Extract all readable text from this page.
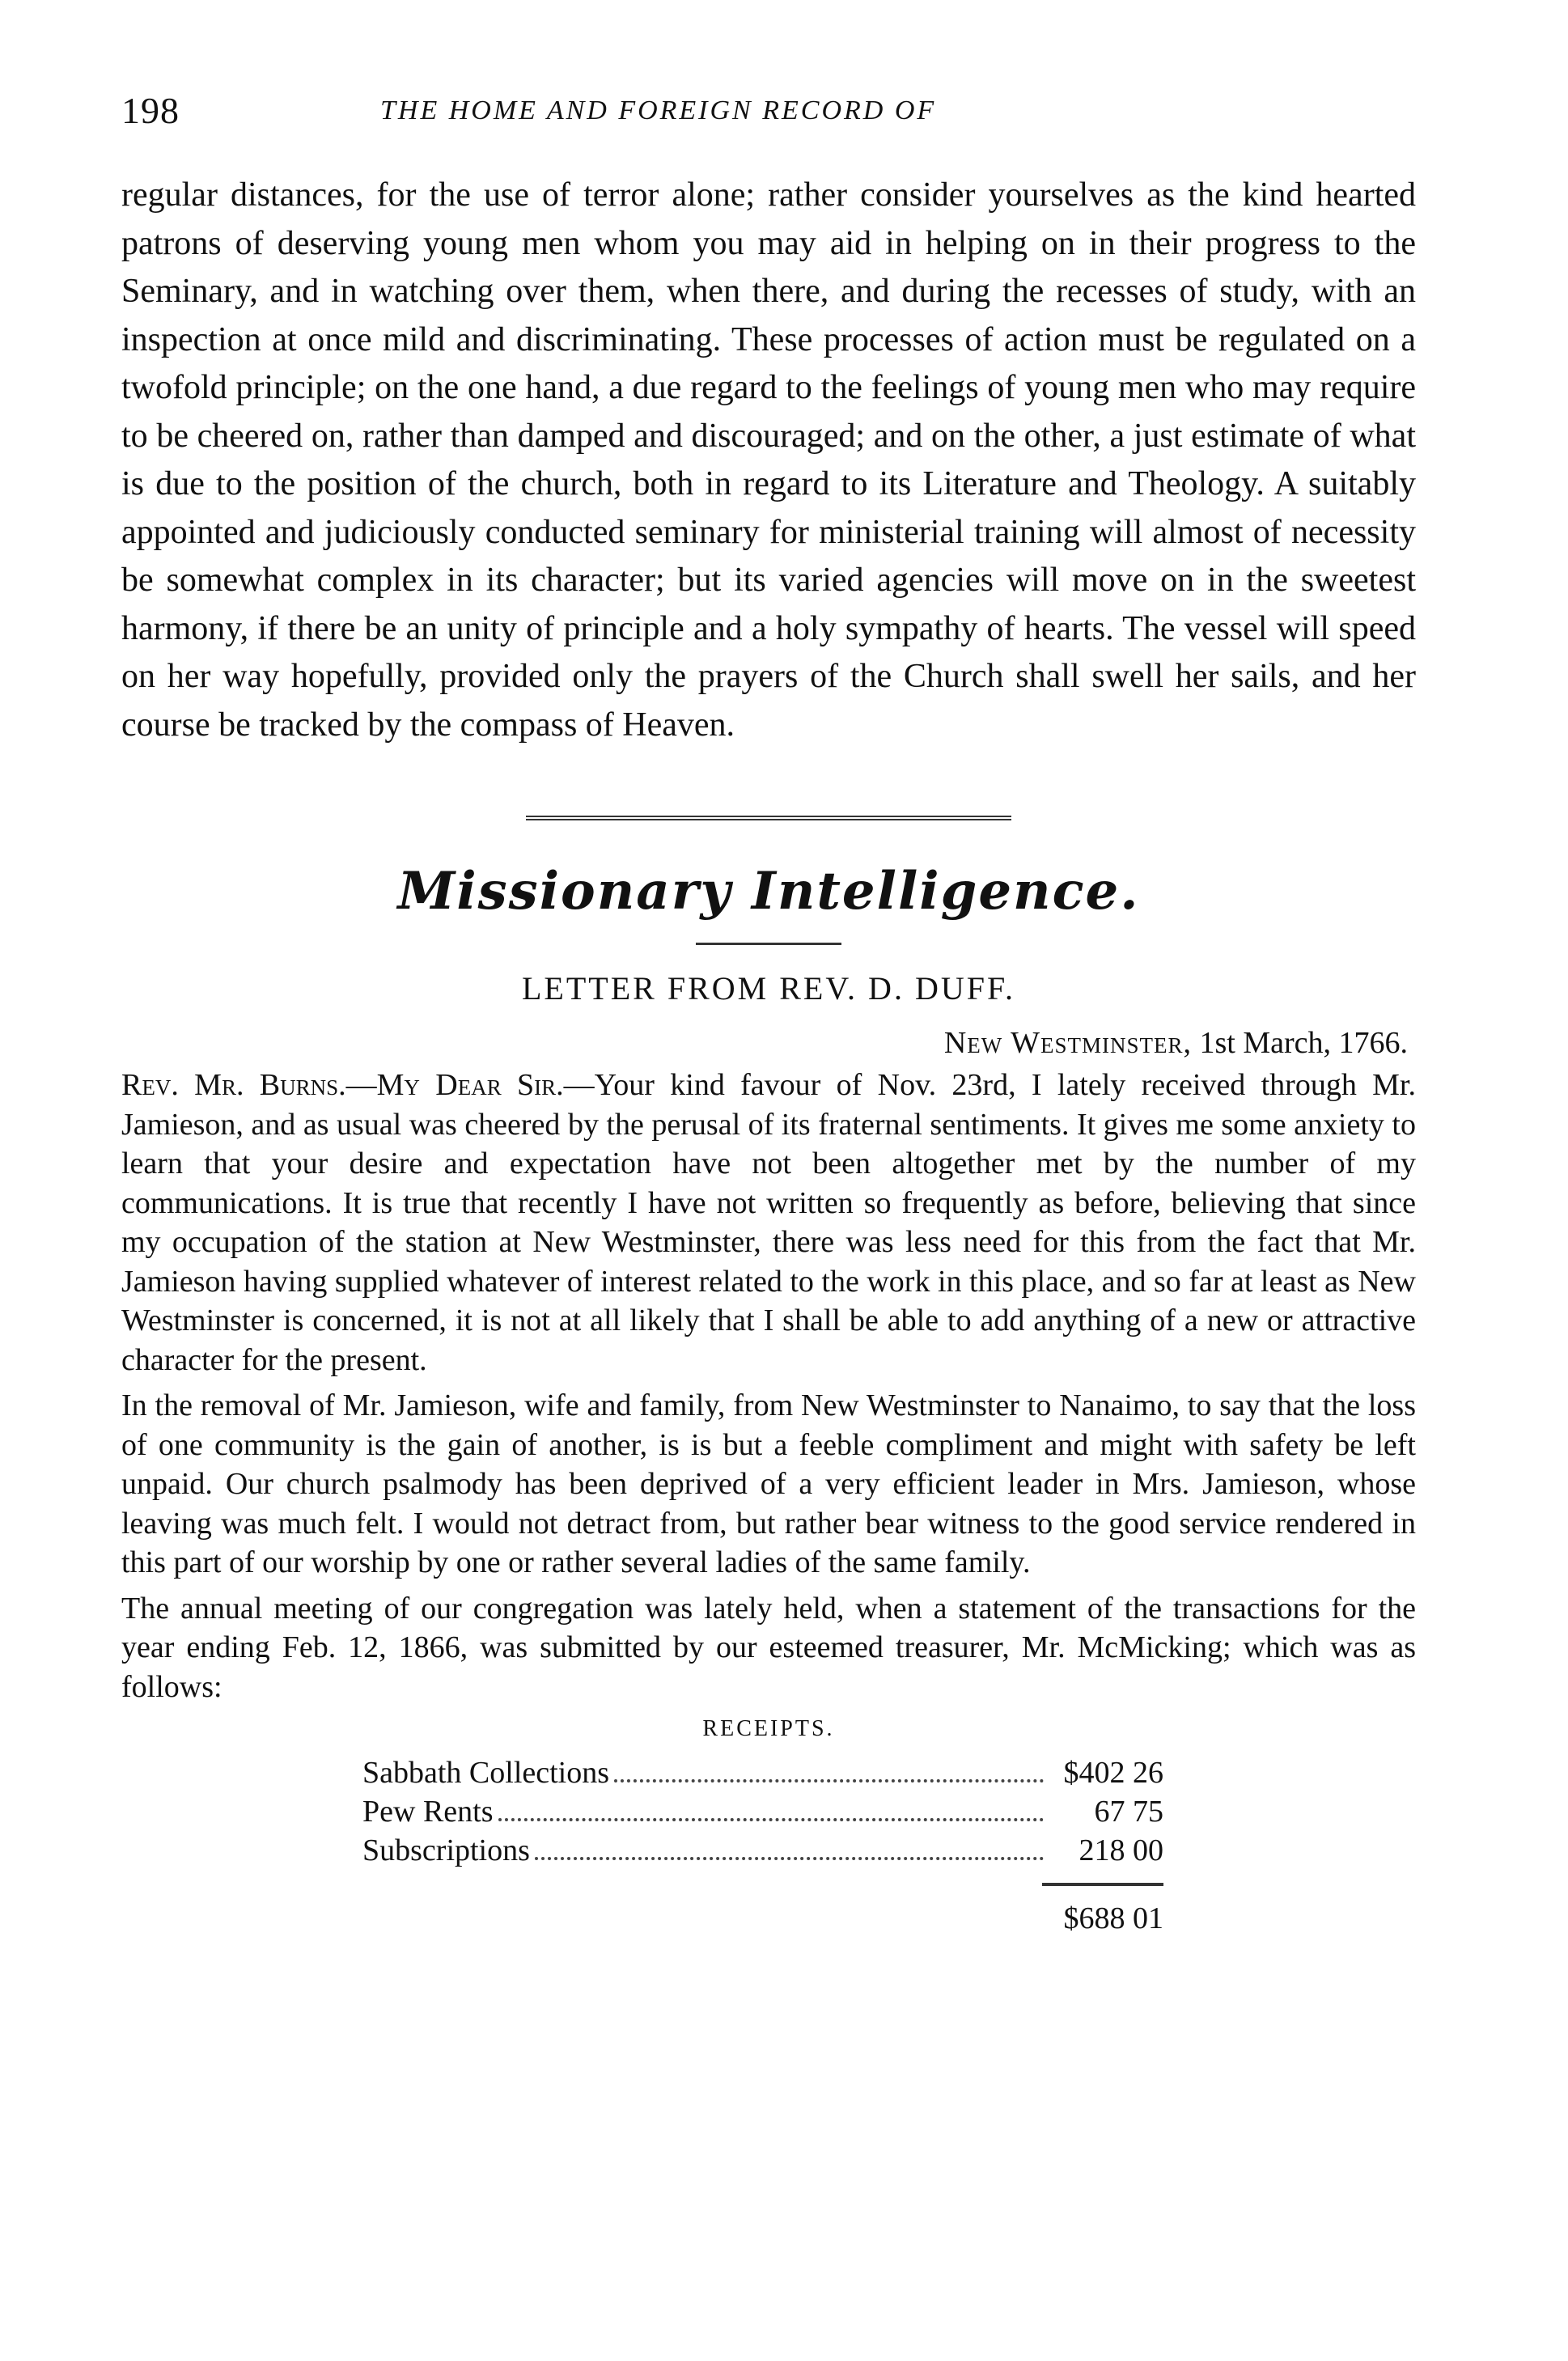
198	THE HOME AND FOREIGN RECORD OF

regular distances, for the use of terror alone; rather consider yourselves as the kind hearted patrons of deserving young men whom you may aid in helping on in their progress to the Seminary, and in watching over them, when there, and during the recesses of study, with an inspection at once mild and discriminating. These processes of action must be regulated on a twofold principle; on the one hand, a due regard to the feelings of young men who may require to be cheered on, rather than damped and discouraged; and on the other, a just estimate of what is due to the position of the church, both in regard to its Literature and Theology. A suitably appointed and judiciously conducted seminary for ministerial training will almost of necessity be somewhat complex in its character; but its varied agencies will move on in the sweetest harmony, if there be an unity of principle and a holy sympathy of hearts. The vessel will speed on her way hopefully, provided only the prayers of the Church shall swell her sails, and her course be tracked by the compass of Heaven.

Missionary Intelligence.
LETTER FROM REV. D. DUFF.
New Westminster, 1st March, 1766.

Rev. Mr. Burns.—My Dear Sir.—Your kind favour of Nov. 23rd, I lately received through Mr. Jamieson, and as usual was cheered by the perusal of its fraternal sentiments. It gives me some anxiety to learn that your desire and expectation have not been altogether met by the number of my communications. It is true that recently I have not written so frequently as before, believing that since my occupation of the station at New Westminster, there was less need for this from the fact that Mr. Jamieson having supplied whatever of interest related to the work in this place, and so far at least as New Westminster is concerned, it is not at all likely that I shall be able to add anything of a new or attractive character for the present.

In the removal of Mr. Jamieson, wife and family, from New Westminster to Nanaimo, to say that the loss of one community is the gain of another, is is but a feeble compliment and might with safety be left unpaid. Our church psalmody has been deprived of a very efficient leader in Mrs. Jamieson, whose leaving was much felt. I would not detract from, but rather bear witness to the good service rendered in this part of our worship by one or rather several ladies of the same family.

The annual meeting of our congregation was lately held, when a statement of the transactions for the year ending Feb. 12, 1866, was submitted by our esteemed treasurer, Mr. McMicking; which was as follows:

RECEIPTS.
Sabbath Collections	$402 26
Pew Rents	67 75
Subscriptions	218 00
$688 01
